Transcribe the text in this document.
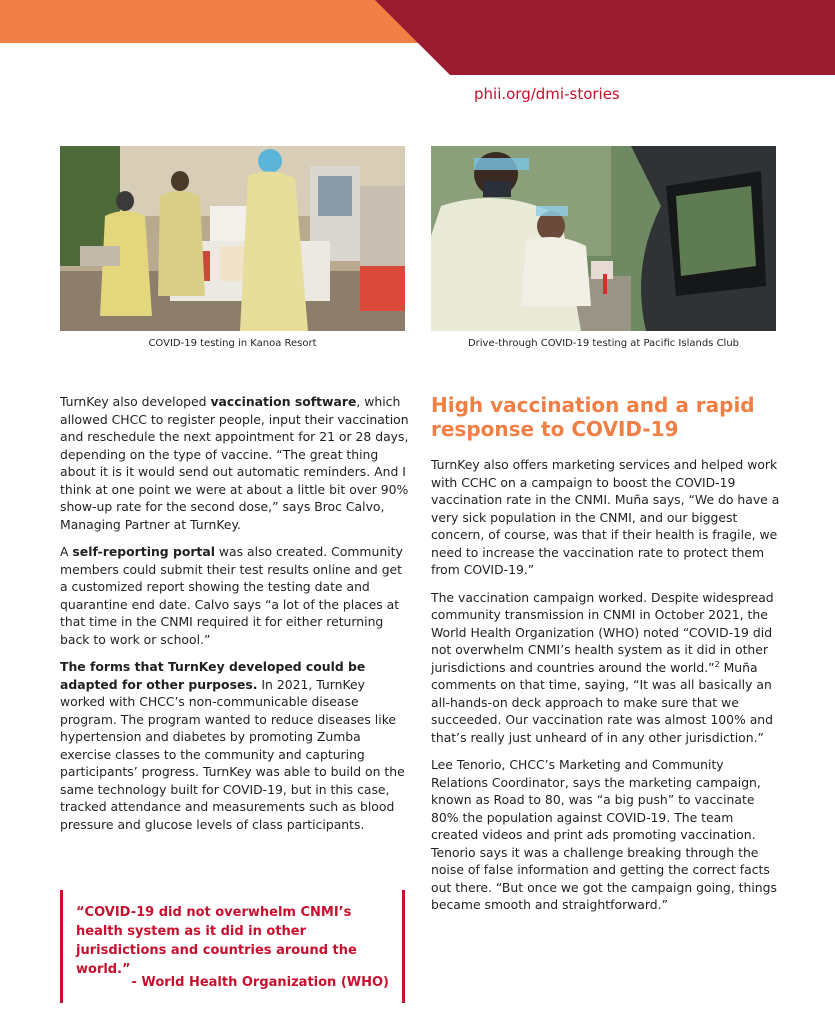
phii.org/dmi-stories
COVID-19 testing in Kanoa Resort	Drive-through COVID-19 testing at Pacific Islands Club

TurnKey also developed vaccination software, which allowed CHCC to register people, input their vaccination and reschedule the next appointment for 21 or 28 days, depending on the type of vaccine. “The great thing about it is it would send out automatic reminders. And I think at one point we were at about a little bit over 90% show-up rate for the second dose,” says Broc Calvo, Managing Partner at TurnKey.

A self-reporting portal was also created. Community members could submit their test results online and get a customized report showing the testing date and quarantine end date. Calvo says “a lot of the places at that time in the CNMI required it for either returning back to work or school.”

The forms that TurnKey developed could be adapted for other purposes. In 2021, TurnKey worked with CHCC’s non-communicable disease program. The program wanted to reduce diseases like hypertension and diabetes by promoting Zumba exercise classes to the community and capturing participants’ progress. TurnKey was able to build on the same technology built for COVID-19, but in this case, tracked attendance and measurements such as blood pressure and glucose levels of class participants.

“COVID-19 did not overwhelm CNMI’s health system as it did in other jurisdictions and countries around the world.”
- World Health Organization (WHO)
High vaccination and a rapid response to COVID-19

TurnKey also offers marketing services and helped work with CCHC on a campaign to boost the COVID-19 vaccination rate in the CNMI. Muña says, “We do have a very sick population in the CNMI, and our biggest concern, of course, was that if their health is fragile, we need to increase the vaccination rate to protect them from COVID-19.”

The vaccination campaign worked. Despite widespread community transmission in CNMI in October 2021, the World Health Organization (WHO) noted “COVID-19 did not overwhelm CNMI’s health system as it did in other jurisdictions and countries around the world.”$^2$ Muña comments on that time, saying, “It was all basically an all-hands-on deck approach to make sure that we succeeded. Our vaccination rate was almost 100% and that’s really just unheard of in any other jurisdiction.”

Lee Tenorio, CHCC’s Marketing and Community Relations Coordinator, says the marketing campaign, known as Road to 80, was “a big push” to vaccinate 80% the population against COVID-19. The team created videos and print ads promoting vaccination. Tenorio says it was a challenge breaking through the noise of false information and getting the correct facts out there. “But once we got the campaign going, things became smooth and straightforward.”
